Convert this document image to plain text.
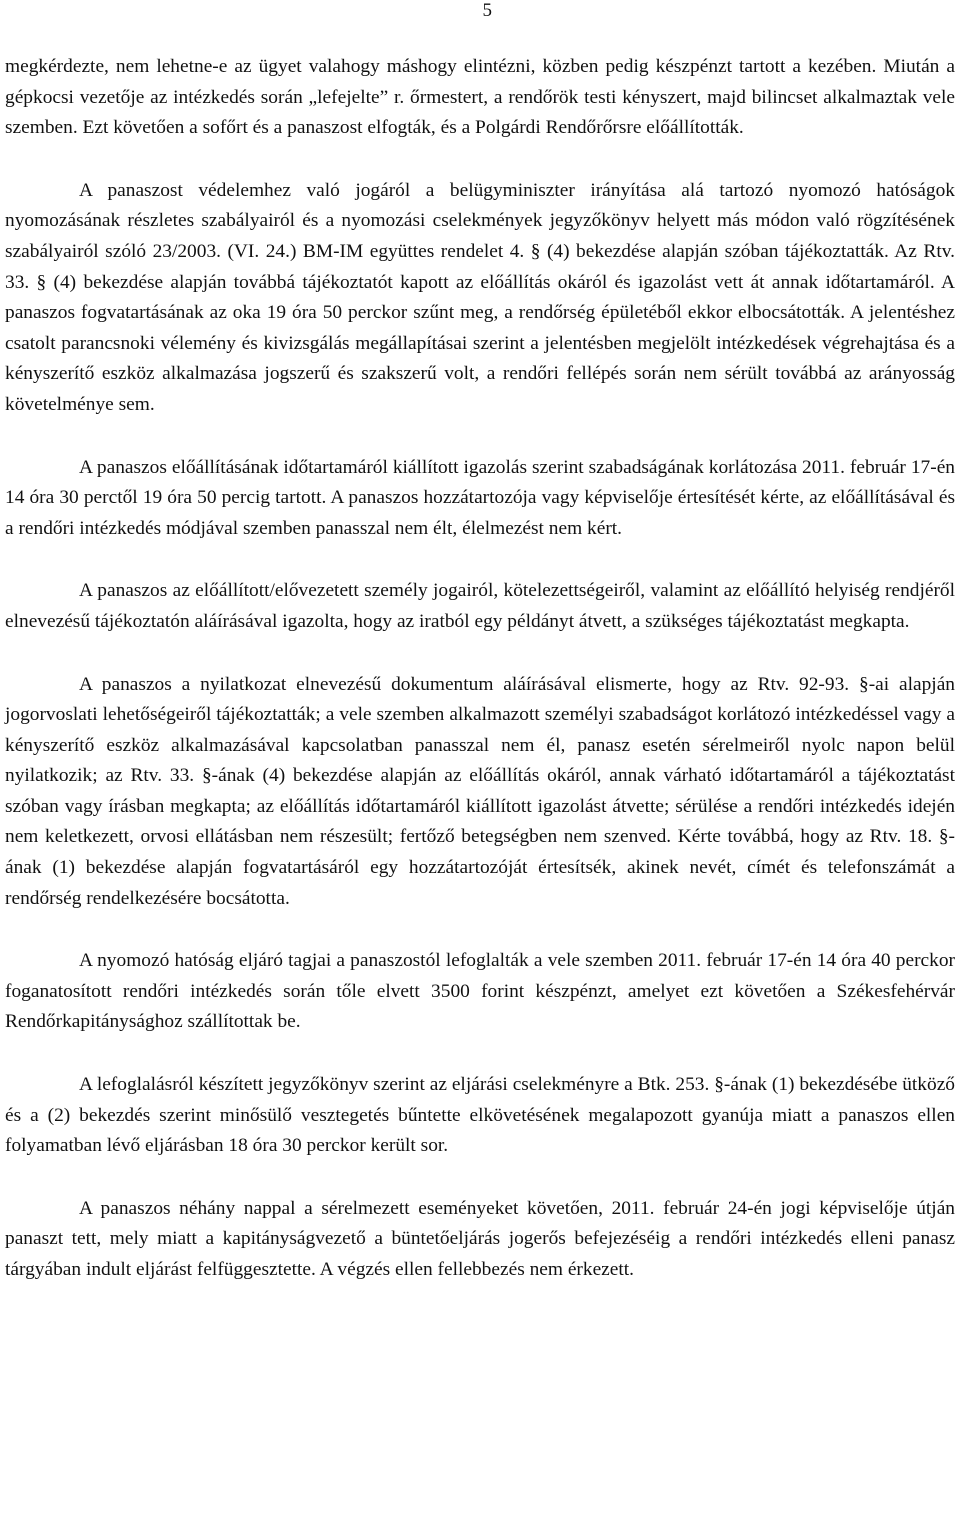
5

megkérdezte, nem lehetne-e az ügyet valahogy máshogy elintézni, közben pedig készpénzt tartott a kezében. Miután a gépkocsi vezetője az intézkedés során „lefejelte” r. őrmestert, a rendőrök testi kényszert, majd bilincset alkalmaztak vele szemben. Ezt követően a sofőrt és a panaszost elfogták, és a Polgárdi Rendőrőrsre előállították.

A panaszost védelemhez való jogáról a belügyminiszter irányítása alá tartozó nyomozó hatóságok nyomozásának részletes szabályairól és a nyomozási cselekmények jegyzőkönyv helyett más módon való rögzítésének szabályairól szóló 23/2003. (VI. 24.) BM-IM együttes rendelet 4. § (4) bekezdése alapján szóban tájékoztatták. Az Rtv. 33. § (4) bekezdése alapján továbbá tájékoztatót kapott az előállítás okáról és igazolást vett át annak időtartamáról. A panaszos fogvatartásának az oka 19 óra 50 perckor szűnt meg, a rendőrség épületéből ekkor elbocsátották. A jelentéshez csatolt parancsnoki vélemény és kivizsgálás megállapításai szerint a jelentésben megjelölt intézkedések végrehajtása és a kényszerítő eszköz alkalmazása jogszerű és szakszerű volt, a rendőri fellépés során nem sérült továbbá az arányosság követelménye sem.

A panaszos előállításának időtartamáról kiállított igazolás szerint szabadságának korlátozása 2011. február 17-én 14 óra 30 perctől 19 óra 50 percig tartott. A panaszos hozzátartozója vagy képviselője értesítését kérte, az előállításával és a rendőri intézkedés módjával szemben panasszal nem élt, élelmezést nem kért.

A panaszos az előállított/elővezetett személy jogairól, kötelezettségeiről, valamint az előállító helyiség rendjéről elnevezésű tájékoztatón aláírásával igazolta, hogy az iratból egy példányt átvett, a szükséges tájékoztatást megkapta.

A panaszos a nyilatkozat elnevezésű dokumentum aláírásával elismerte, hogy az Rtv. 92-93. §-ai alapján jogorvoslati lehetőségeiről tájékoztatták; a vele szemben alkalmazott személyi szabadságot korlátozó intézkedéssel vagy a kényszerítő eszköz alkalmazásával kapcsolatban panasszal nem él, panasz esetén sérelmeiről nyolc napon belül nyilatkozik; az Rtv. 33. §-ának (4) bekezdése alapján az előállítás okáról, annak várható időtartamáról a tájékoztatást szóban vagy írásban megkapta; az előállítás időtartamáról kiállított igazolást átvette; sérülése a rendőri intézkedés idején nem keletkezett, orvosi ellátásban nem részesült; fertőző betegségben nem szenved. Kérte továbbá, hogy az Rtv. 18. §-ának (1) bekezdése alapján fogvatartásáról egy hozzátartozóját értesítsék, akinek nevét, címét és telefonszámát a rendőrség rendelkezésére bocsátotta.

A nyomozó hatóság eljáró tagjai a panaszostól lefoglalták a vele szemben 2011. február 17-én 14 óra 40 perckor foganatosított rendőri intézkedés során tőle elvett 3500 forint készpénzt, amelyet ezt követően a Székesfehérvár Rendőrkapitánysághoz szállítottak be.

A lefoglalásról készített jegyzőkönyv szerint az eljárási cselekményre a Btk. 253. §-ának (1) bekezdésébe ütköző és a (2) bekezdés szerint minősülő vesztegetés bűntette elkövetésének megalapozott gyanúja miatt a panaszos ellen folyamatban lévő eljárásban 18 óra 30 perckor került sor.

A panaszos néhány nappal a sérelmezett eseményeket követően, 2011. február 24-én jogi képviselője útján panaszt tett, mely miatt a kapitányságvezető a büntetőeljárás jogerős befejezéséig a rendőri intézkedés elleni panasz tárgyában indult eljárást felfüggesztette. A végzés ellen fellebbezés nem érkezett.
